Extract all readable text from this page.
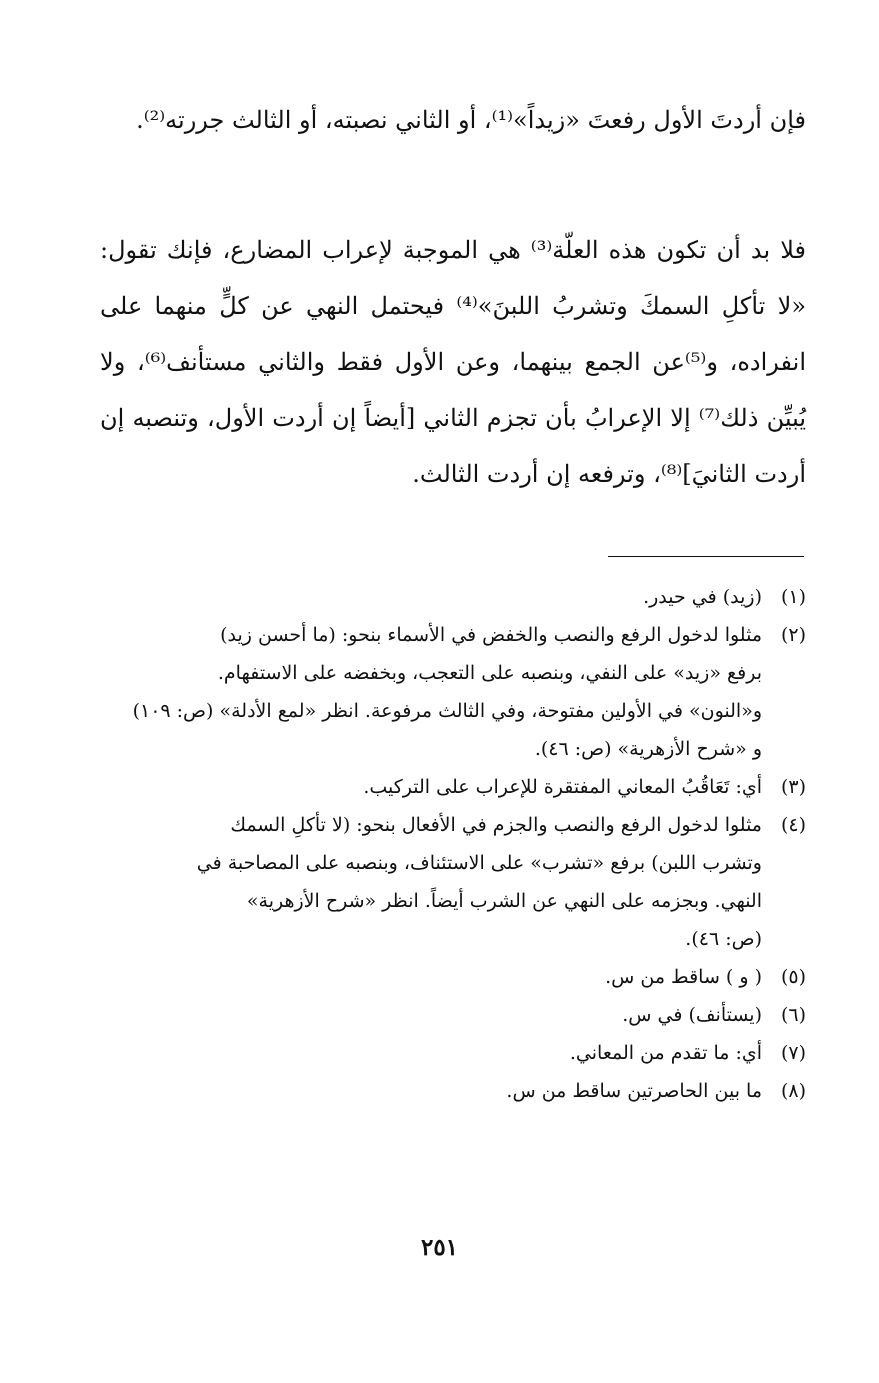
فإن أردتَ الأول رفعتَ «زيداً»⁽¹⁾، أو الثاني نصبته، أو الثالث جررته⁽²⁾.

فلا بد أن تكون هذه العلّة⁽³⁾ هي الموجبة لإعراب المضارع، فإنك تقول: «لا تأكلِ السمكَ وتشربُ اللبنَ»⁽⁴⁾ فيحتمل النهي عن كلٍّ منهما على انفراده، و⁽⁵⁾عن الجمع بينهما، وعن الأول فقط والثاني مستأنف⁽⁶⁾، ولا يُبيِّن ذلك⁽⁷⁾ إلا الإعرابُ بأن تجزم الثاني [أيضاً إن أردت الأول، وتنصبه إن أردت الثانيَ]⁽⁸⁾، وترفعه إن أردت الثالث.

(١)
(زيد) في حيدر.
(٢)
مثلوا لدخول الرفع والنصب والخفض في الأسماء بنحو: (ما أحسن زيد)
برفع «زيد» على النفي، وبنصبه على التعجب، وبخفضه على الاستفهام.
و«النون» في الأولين مفتوحة، وفي الثالث مرفوعة. انظر «لمع الأدلة» (ص: ١٠٩)
و «شرح الأزهرية» (ص: ٤٦).
(٣)
أي: تَعَاقُبُ المعاني المفتقرة للإعراب على التركيب.
(٤)
مثلوا لدخول الرفع والنصب والجزم في الأفعال بنحو: (لا تأكلِ السمك
وتشرب اللبن) برفع «تشرب» على الاستئناف، وبنصبه على المصاحبة في
النهي. وبجزمه على النهي عن الشرب أيضاً. انظر «شرح الأزهرية»
(ص: ٤٦).
(٥)
( و ) ساقط من س.
(٦)
(يستأنف) في س.
(٧)
أي: ما تقدم من المعاني.
(٨)
ما بين الحاصرتين ساقط من س.
٢٥١
